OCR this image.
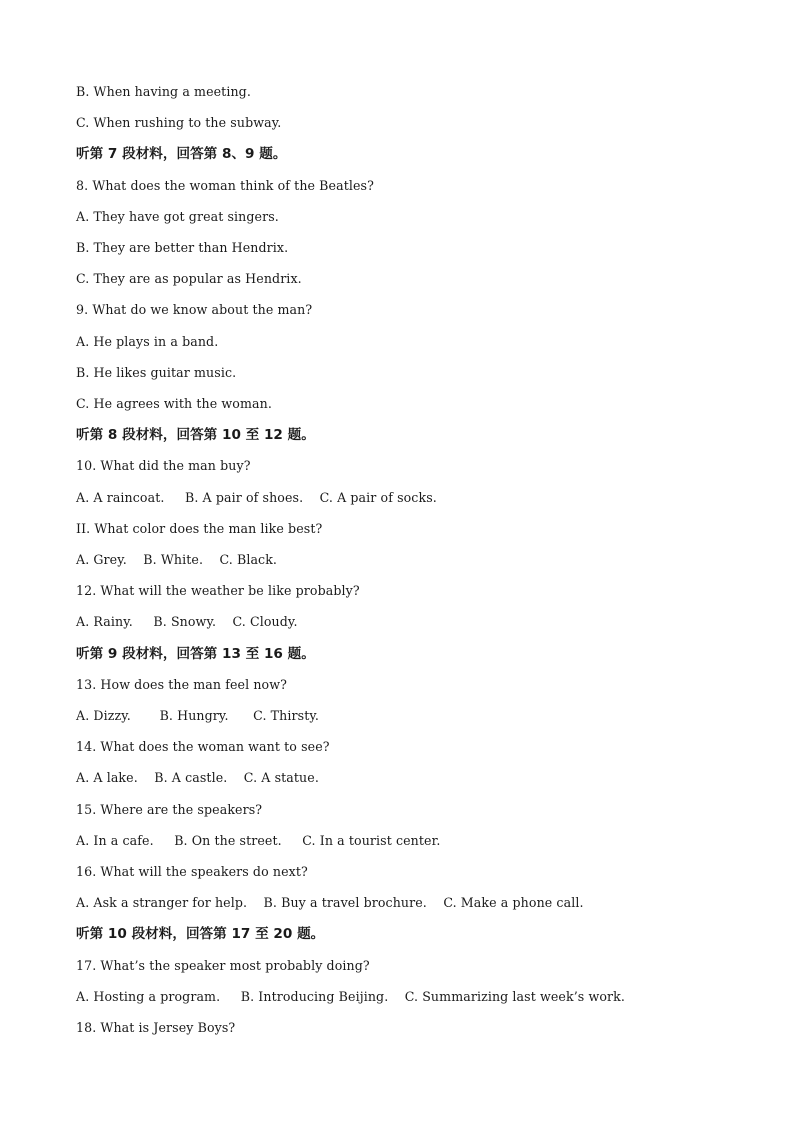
B. When having a meeting.
C. When rushing to the subway.
听第 7 段材料，回答第 8、9 题。
8. What does the woman think of the Beatles?
A. They have got great singers.
B. They are better than Hendrix.
C. They are as popular as Hendrix.
9. What do we know about the man?
A. He plays in a band.
B. He likes guitar music.
C. He agrees with the woman.
听第 8 段材料，回答第 10 至 12 题。
10. What did the man buy?
A. A raincoat.     B. A pair of shoes.    C. A pair of socks.
II. What color does the man like best?
A. Grey.    B. White.    C. Black.
12. What will the weather be like probably?
A. Rainy.     B. Snowy.    C. Cloudy.
听第 9 段材料，回答第 13 至 16 题。
13. How does the man feel now?
A. Dizzy.       B. Hungry.      C. Thirsty.
14. What does the woman want to see?
A. A lake.    B. A castle.    C. A statue.
15. Where are the speakers?
A. In a cafe.     B. On the street.     C. In a tourist center.
16. What will the speakers do next?
A. Ask a stranger for help.    B. Buy a travel brochure.    C. Make a phone call.
听第 10 段材料，回答第 17 至 20 题。
17. What’s the speaker most probably doing?
A. Hosting a program.     B. Introducing Beijing.    C. Summarizing last week’s work.
18. What is Jersey Boys?
